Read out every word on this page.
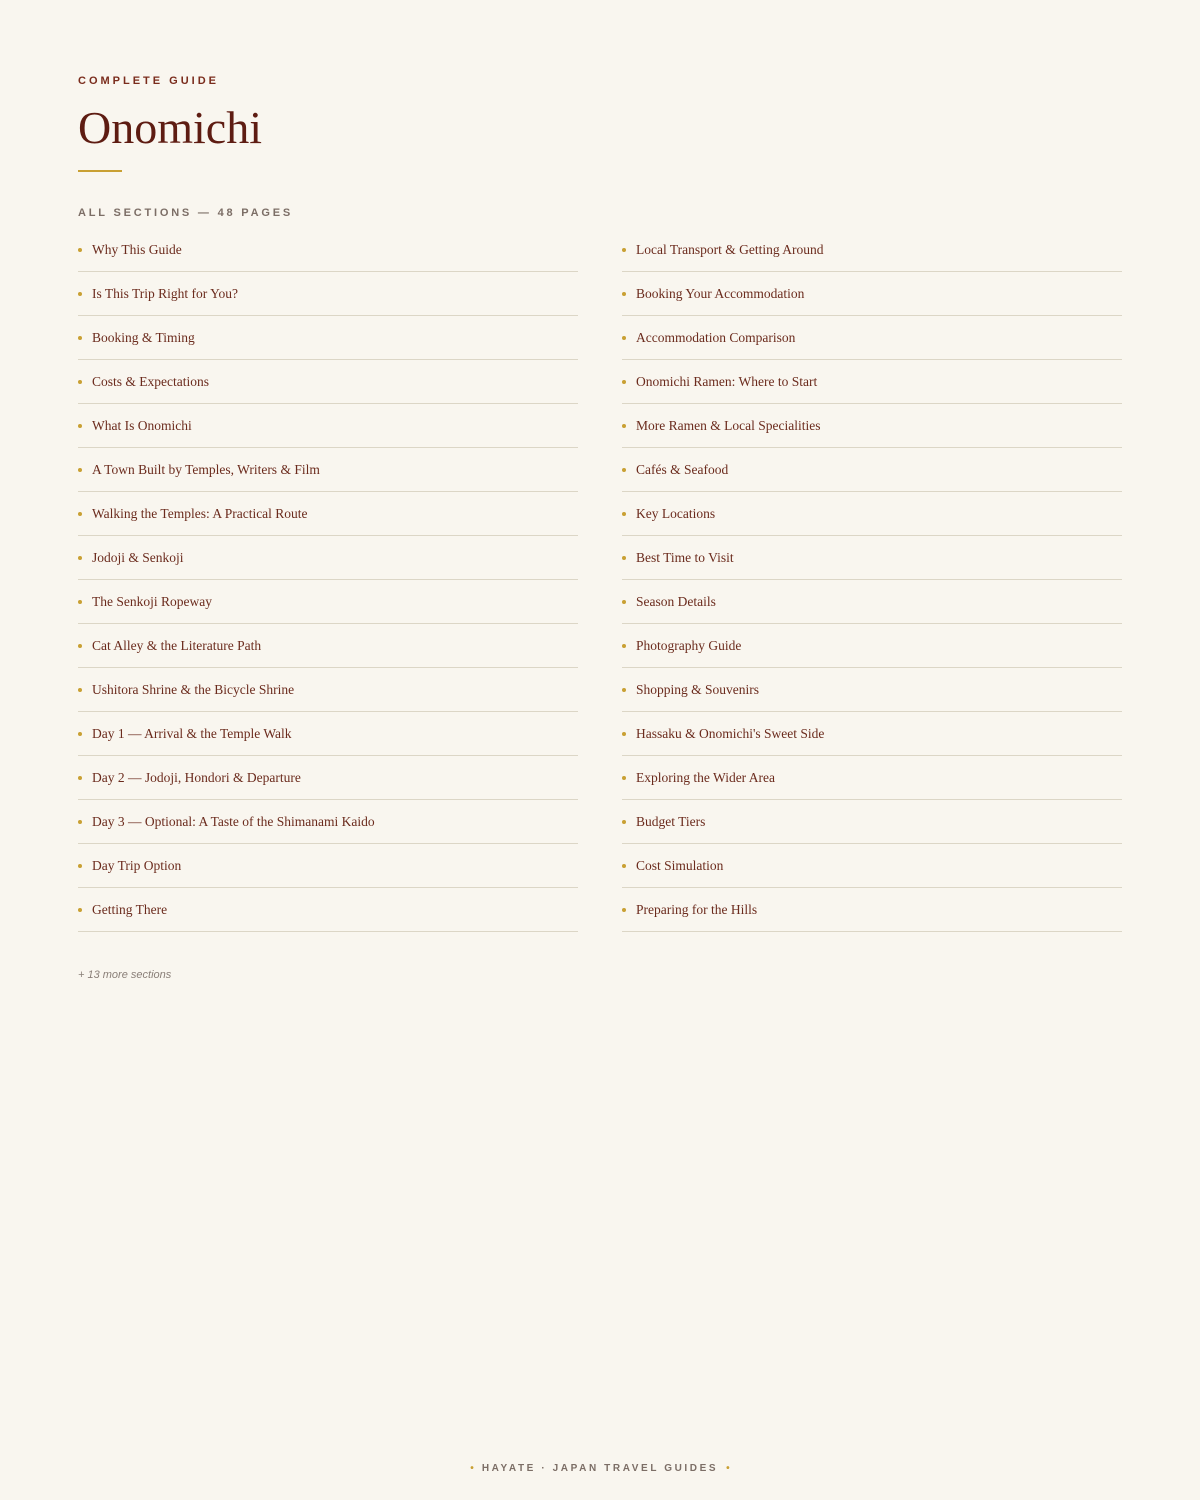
COMPLETE GUIDE
Onomichi
ALL SECTIONS — 48 PAGES
Why This Guide
Is This Trip Right for You?
Booking & Timing
Costs & Expectations
What Is Onomichi
A Town Built by Temples, Writers & Film
Walking the Temples: A Practical Route
Jodoji & Senkoji
The Senkoji Ropeway
Cat Alley & the Literature Path
Ushitora Shrine & the Bicycle Shrine
Day 1 — Arrival & the Temple Walk
Day 2 — Jodoji, Hondori & Departure
Day 3 — Optional: A Taste of the Shimanami Kaido
Day Trip Option
Getting There
Local Transport & Getting Around
Booking Your Accommodation
Accommodation Comparison
Onomichi Ramen: Where to Start
More Ramen & Local Specialities
Cafés & Seafood
Key Locations
Best Time to Visit
Season Details
Photography Guide
Shopping & Souvenirs
Hassaku & Onomichi's Sweet Side
Exploring the Wider Area
Budget Tiers
Cost Simulation
Preparing for the Hills
+ 13 more sections
• HAYATE · JAPAN TRAVEL GUIDES •
